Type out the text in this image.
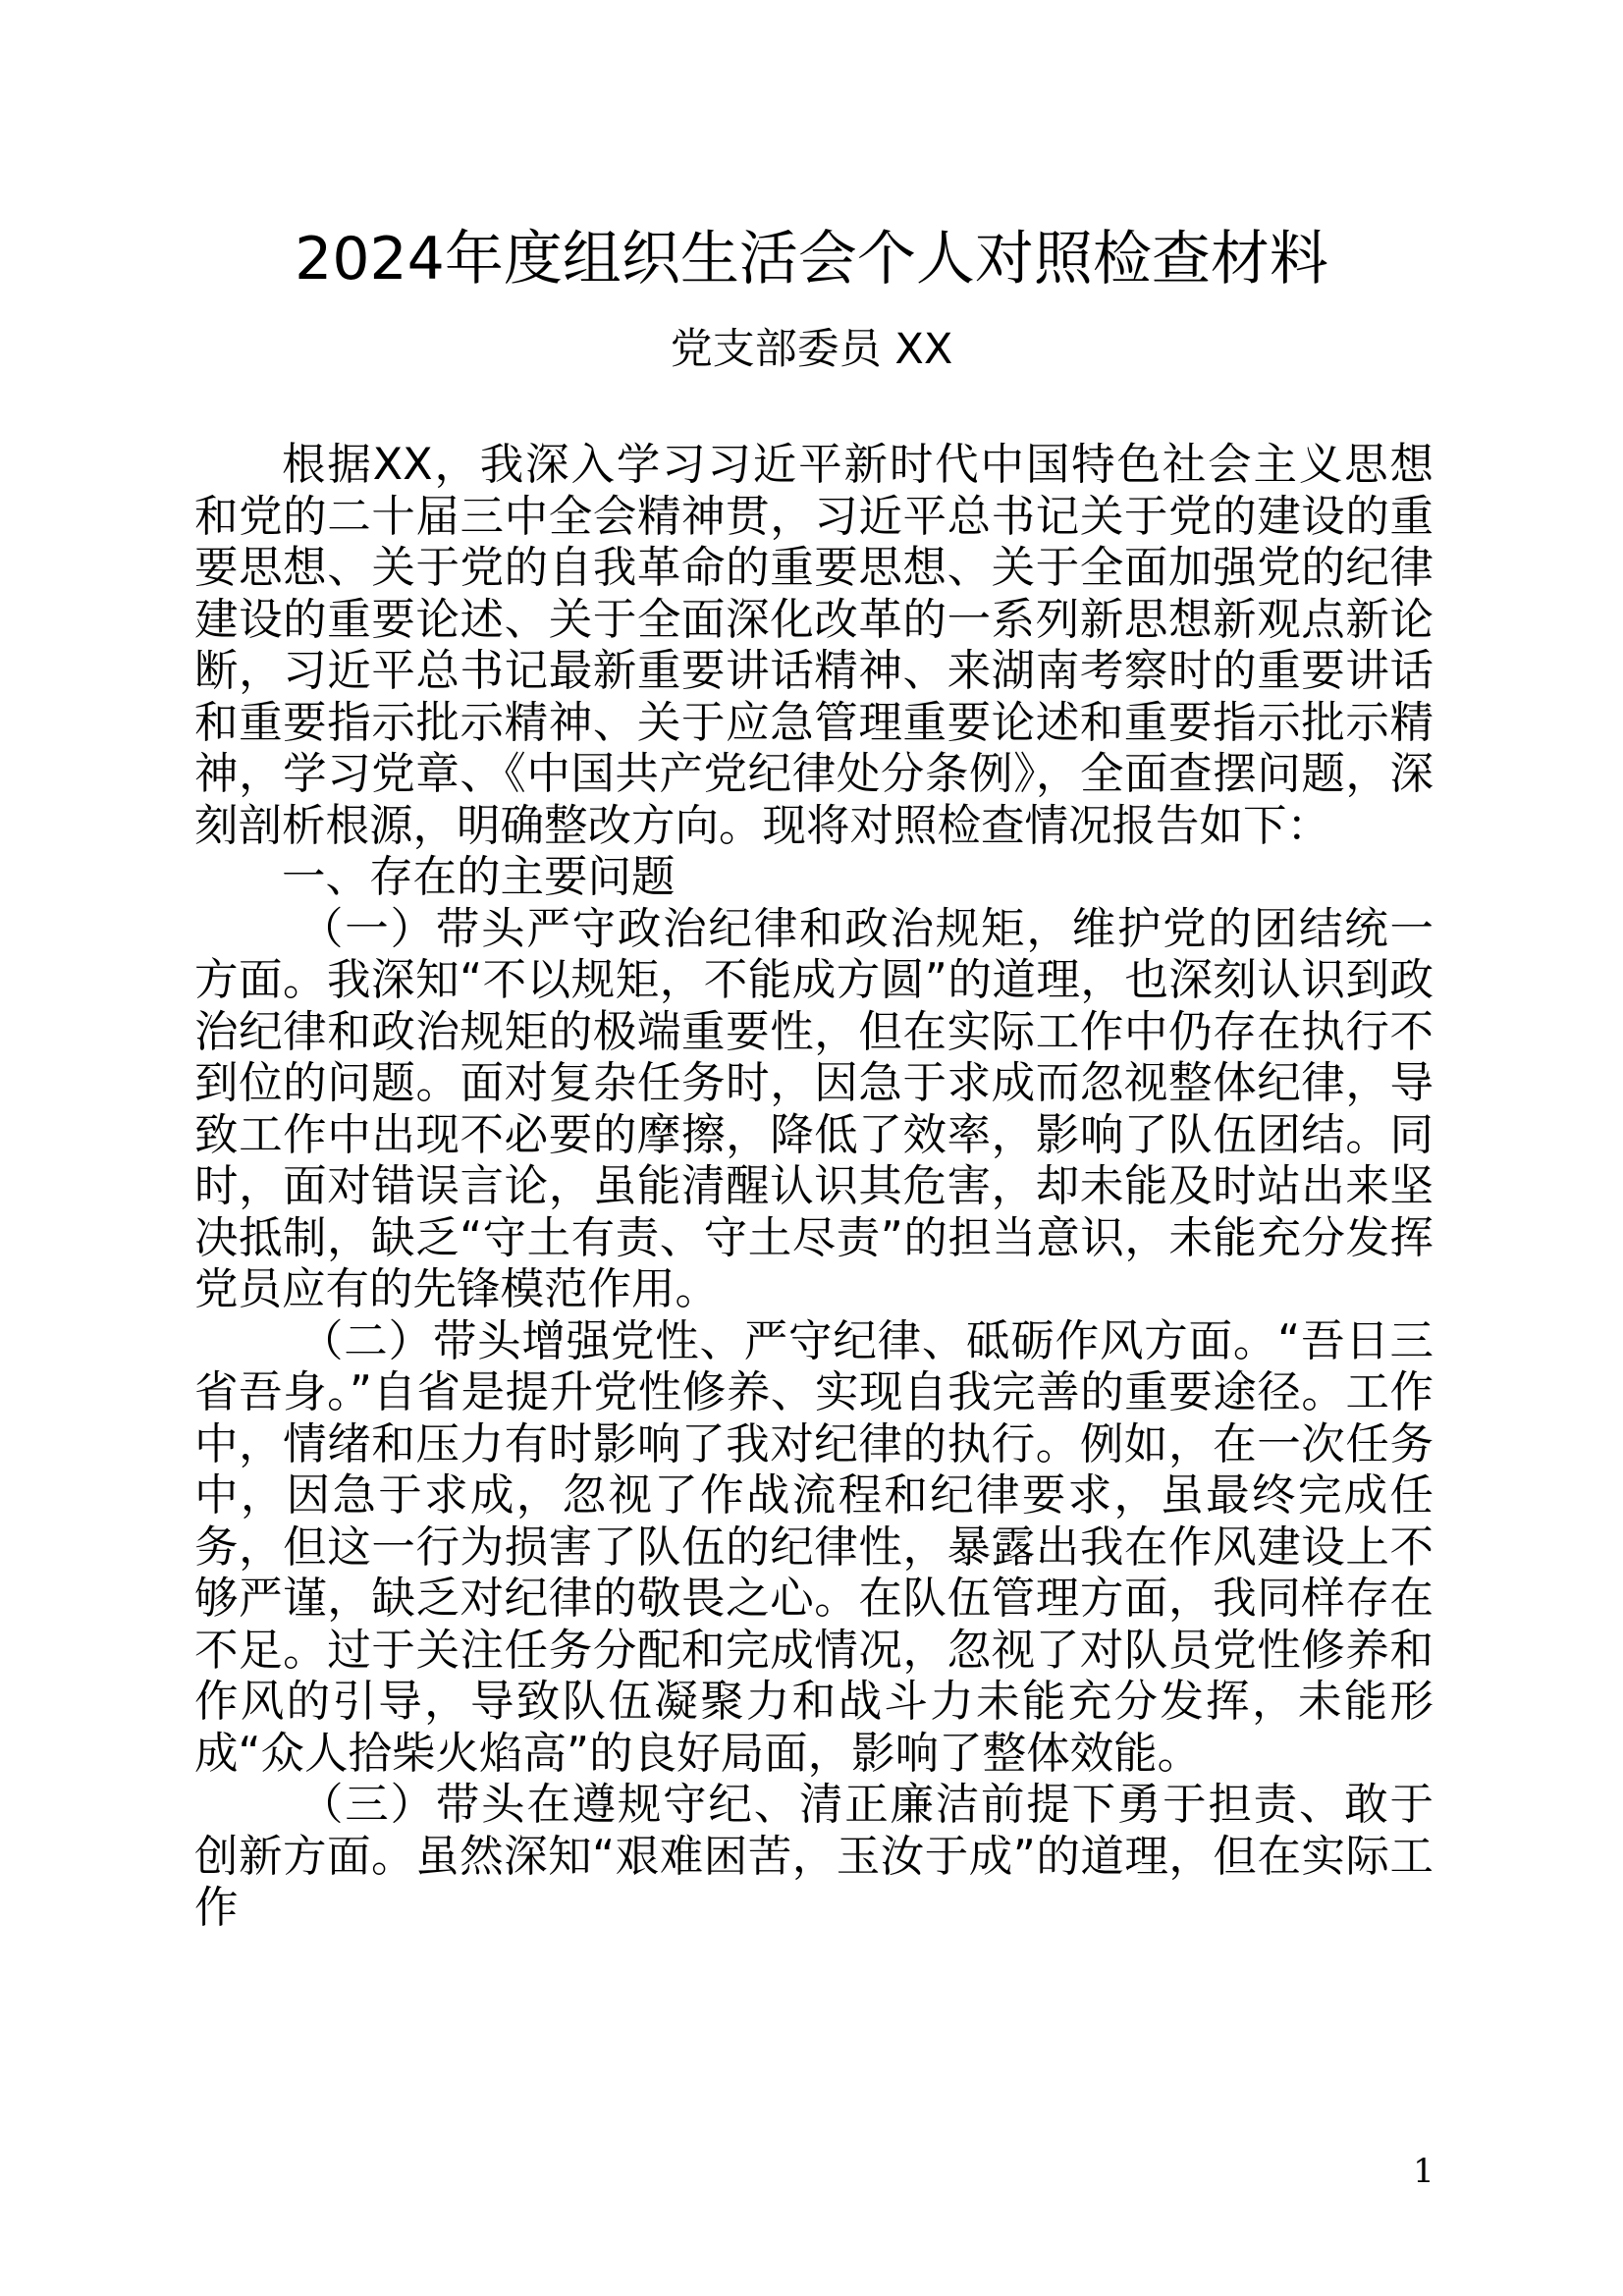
2024年度组织生活会个人对照检查材料
党支部委员 XX

根据XX，我深入学习习近平新时代中国特色社会主义思想和党的二十届三中全会精神贯，习近平总书记关于党的建设的重要思想、关于党的自我革命的重要思想、关于全面加强党的纪律建设的重要论述、关于全面深化改革的一系列新思想新观点新论断，习近平总书记最新重要讲话精神、来湖南考察时的重要讲话和重要指示批示精神、关于应急管理重要论述和重要指示批示精神，学习党章、《中国共产党纪律处分条例》，全面查摆问题，深刻剖析根源，明确整改方向。现将对照检查情况报告如下：

一、存在的主要问题

（一）带头严守政治纪律和政治规矩，维护党的团结统一方面。我深知“不以规矩，不能成方圆”的道理，也深刻认识到政治纪律和政治规矩的极端重要性，但在实际工作中仍存在执行不到位的问题。面对复杂任务时，因急于求成而忽视整体纪律，导致工作中出现不必要的摩擦，降低了效率，影响了队伍团结。同时，面对错误言论，虽能清醒认识其危害，却未能及时站出来坚决抵制，缺乏“守土有责、守土尽责”的担当意识，未能充分发挥党员应有的先锋模范作用。

（二）带头增强党性、严守纪律、砥砺作风方面。“吾日三省吾身。”自省是提升党性修养、实现自我完善的重要途径。工作中，情绪和压力有时影响了我对纪律的执行。例如，在一次任务中，因急于求成，忽视了作战流程和纪律要求，虽最终完成任务，但这一行为损害了队伍的纪律性，暴露出我在作风建设上不够严谨，缺乏对纪律的敬畏之心。在队伍管理方面，我同样存在不足。过于关注任务分配和完成情况，忽视了对队员党性修养和作风的引导，导致队伍凝聚力和战斗力未能充分发挥，未能形成“众人拾柴火焰高”的良好局面，影响了整体效能。

（三）带头在遵规守纪、清正廉洁前提下勇于担责、敢于创新方面。虽然深知“艰难困苦，玉汝于成”的道理，但在实际工作

1
